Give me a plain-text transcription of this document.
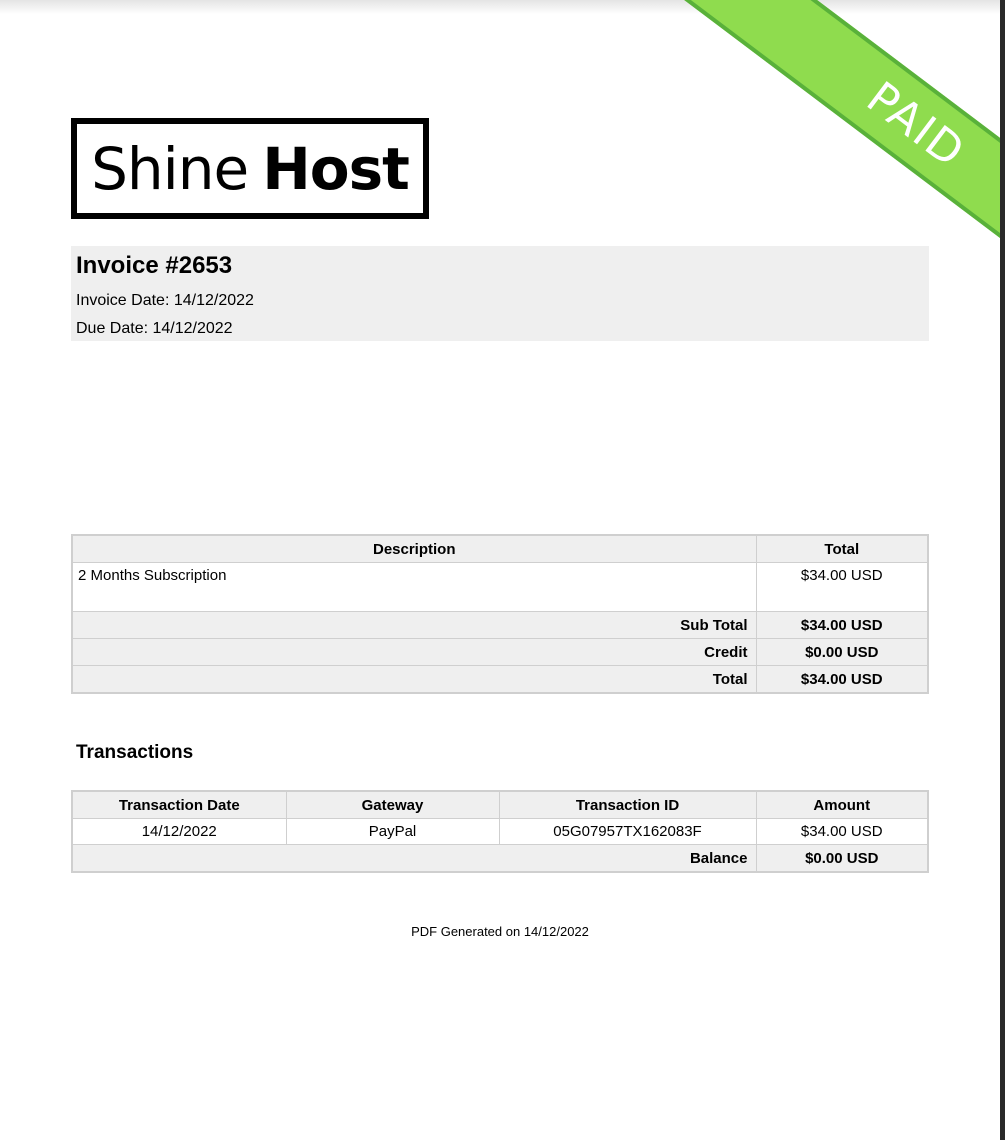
PAID
Shine Host
Invoice #2653
Invoice Date: 14/12/2022
Due Date: 14/12/2022
Description	Total
2 Months Subscription	$34.00 USD
Sub Total	$34.00 USD
Credit	$0.00 USD
Total	$34.00 USD
Transactions
Transaction Date	Gateway	Transaction ID	Amount
14/12/2022	PayPal	05G07957TX162083F	$34.00 USD
Balance			$0.00 USD
PDF Generated on 14/12/2022
